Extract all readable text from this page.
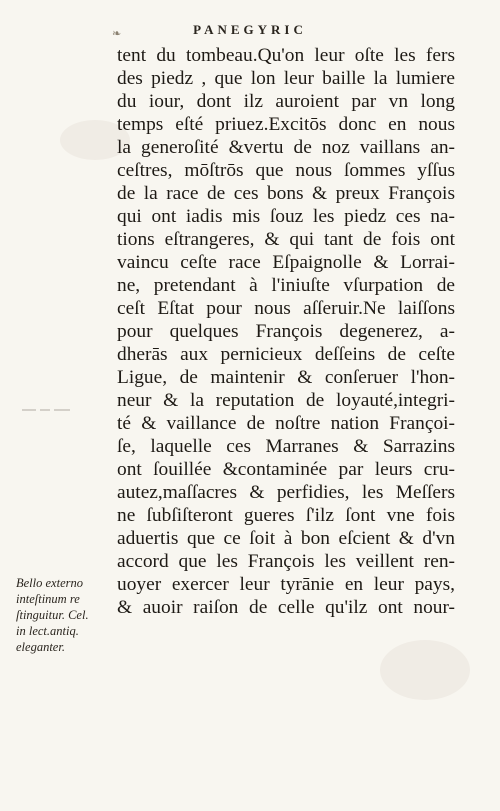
❧	PANEGYRIC
tent du tombeau.Qu'on leur oſte les fers
des piedz , que lon leur baille la lumiere
du iour, dont ilz auroient par vn long
temps eſté priuez.Excitōs donc en nous
la generoſité &vertu de noz vaillans an-
ceſtres, mōſtrōs que nous ſommes yſſus
de la race de ces bons & preux François
qui ont iadis mis ſouz les piedz ces na-
tions eſtrangeres, & qui tant de fois ont
vaincu ceſte race Eſpaignolle & Lorrai-
ne, pretendant à l'iniuſte vſurpation de
ceſt Eſtat pour nous aſſeruir.Ne laiſſons
pour quelques François degenerez, a-
dherās aux pernicieux deſſeins de ceſte
Ligue, de maintenir & conſeruer l'hon-
neur & la reputation de loyauté,integri-
té & vaillance de noſtre nation Françoi-
ſe, laquelle ces Marranes & Sarrazins
ont ſouillée &contaminée par leurs cru-
autez,maſſacres & perfidies, les Meſſers
ne ſubſiſteront gueres ſ'ilz ſont vne fois
aduertis que ce ſoit à bon eſcient & d'vn
accord que les François les veillent ren-
uoyer exercer leur tyrānie en leur pays,
& auoir raiſon de celle qu'ilz ont nour-
Bello externo
inteſtinum re
ſtinguitur. Cel.
in lect.antiq.
eleganter.
